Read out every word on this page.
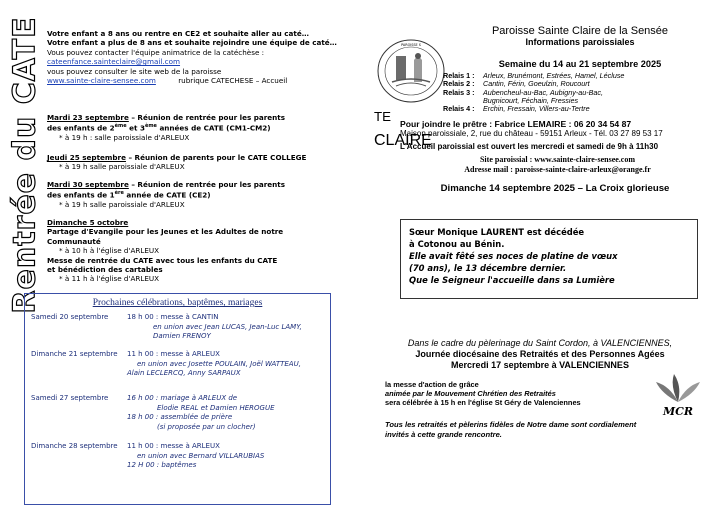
Rentrée du CATE Votre enfant a 8 ans ou rentre en CE2 et souhaite aller au caté…
Votre enfant a plus de 8 ans et souhaite rejoindre une équipe de caté…
Vous pouvez contacter l'équipe animatrice de la catéchèse :
cateenfance.sainteclaire@gmail.com
vous pouvez consulter le site web de la paroisse
www.sainte-claire-sensee.com	rubrique CATECHESE – Accueil
Mardi 23 septembre – Réunion de rentrée pour les parents
des enfants de 2ème et 3ème années de CATE (CM1-CM2)
* à 19 h : salle paroissiale d'ARLEUX
Jeudi 25 septembre – Réunion de parents pour le CATE COLLEGE
* à 19 h salle paroissiale d'ARLEUX
Mardi 30 septembre – Réunion de rentrée pour les parents
des enfants de 1ère année de CATE (CE2)
* à 19 h salle paroissiale d'ARLEUX
Dimanche 5 octobre
Partage d'Evangile pour les Jeunes et les Adultes de notre Communauté
* à 10 h à l'église d'ARLEUX
Messe de rentrée du CATE avec tous les enfants du CATE
et bénédiction des cartables
* à 11 h à l'église d'ARLEUX
Prochaines célébrations, baptêmes, mariages
Samedi 20 septembre	18 h 00 : messe à CANTIN
en union avec Jean LUCAS, Jean-Luc LAMY,
Damien FRENOY
Dimanche 21 septembre	11 h 00 : messe à ARLEUX
en union avec Josette POULAIN, Joël WATTEAU,
Alain LECLERCQ, Anny SARPAUX
Samedi 27 septembre	16 h 00 : mariage à ARLEUX de
Elodie REAL et Damien HEROGUE
18 h 00 : assemblée de prière
(si proposée par un clocher)
Dimanche 28 septembre	11 h 00 : messe à ARLEUX
en union avec Bernard VILLARUBIAS
12 H 00 : baptêmes
PAROISSE S
$^{TE}$ CLAIRE
Paroisse Sainte Claire de la Sensée
Informations paroissiales
Semaine du 14 au 21 septembre 2025
Relais 1 :	Arleux, Brunémont, Estrées, Hamel, Lécluse
Relais 2 :	Cantin, Férin, Goeulzin, Roucourt
Relais 3 :	Aubencheul-au-Bac, Aubigny-au-Bac,
Bugnicourt, Féchain, Fressies
Relais 4 :	Erchin, Fressain, Villers-au-Tertre
Pour joindre le prêtre : Fabrice LEMAIRE : 06 20 34 54 87
Maison paroissiale, 2, rue du château - 59151 Arleux - Tél. 03 27 89 53 17
L'Accueil paroissial est ouvert les mercredi et samedi de 9h à 11h30
Site paroissial : www.sainte-claire-sensee.com
Adresse mail : paroisse-sainte-claire-arleux@orange.fr
Dimanche 14 septembre 2025 – La Croix glorieuse
Sœur Monique LAURENT est décédée
à Cotonou au Bénin.
Elle avait fêté ses noces de platine de vœux
(70 ans), le 13 décembre dernier.
Que le Seigneur l'accueille dans sa Lumière
Dans le cadre du pèlerinage du Saint Cordon, à VALENCIENNES,
Journée diocésaine des Retraités et des Personnes Agées
Mercredi 17 septembre à VALENCIENNES
la messe d'action de grâce
animée par le Mouvement Chrétien des Retraités
sera célébrée à 15 h en l'église St Géry de Valenciennes
MCR
Tous les retraités et pèlerins fidèles de Notre dame sont cordialement
invités à cette grande rencontre.
